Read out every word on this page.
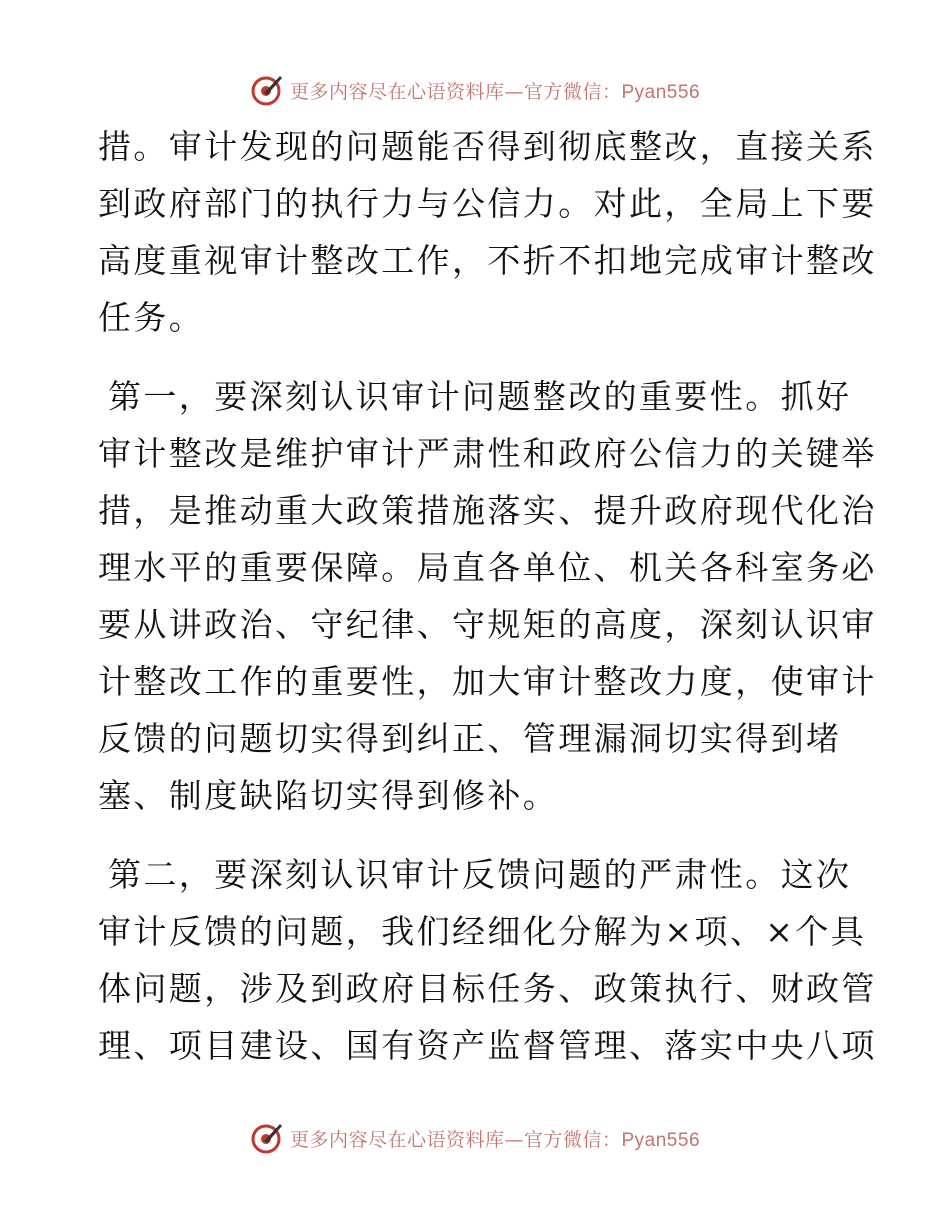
更多内容尽在心语资料库—官方微信：Pyan556

措。审计发现的问题能否得到彻底整改，直接关系
到政府部门的执行力与公信力。对此，全局上下要
高度重视审计整改工作，不折不扣地完成审计整改
任务。

第一，要深刻认识审计问题整改的重要性。抓好
审计整改是维护审计严肃性和政府公信力的关键举
措，是推动重大政策措施落实、提升政府现代化治
理水平的重要保障。局直各单位、机关各科室务必
要从讲政治、守纪律、守规矩的高度，深刻认识审
计整改工作的重要性，加大审计整改力度，使审计
反馈的问题切实得到纠正、管理漏洞切实得到堵
塞、制度缺陷切实得到修补。

第二，要深刻认识审计反馈问题的严肃性。这次
审计反馈的问题，我们经细化分解为×项、×个具
体问题，涉及到政府目标任务、政策执行、财政管
理、项目建设、国有资产监督管理、落实中央八项

更多内容尽在心语资料库—官方微信：Pyan556
